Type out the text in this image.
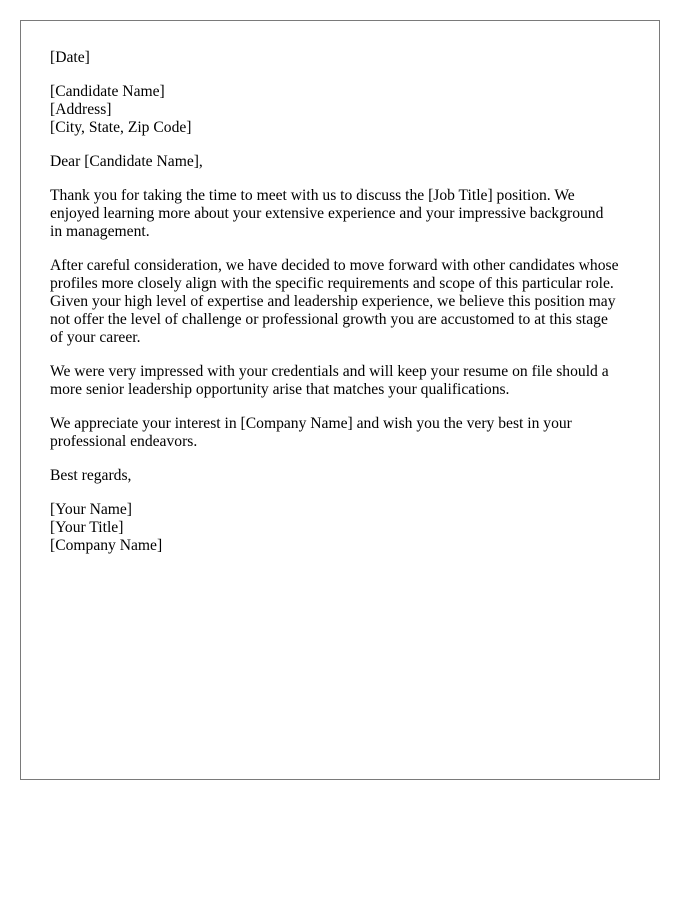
[Date]
[Candidate Name]
[Address]
[City, State, Zip Code]
Dear [Candidate Name],
Thank you for taking the time to meet with us to discuss the [Job Title] position. We
enjoyed learning more about your extensive experience and your impressive background
in management.
After careful consideration, we have decided to move forward with other candidates whose
profiles more closely align with the specific requirements and scope of this particular role.
Given your high level of expertise and leadership experience, we believe this position may
not offer the level of challenge or professional growth you are accustomed to at this stage
of your career.
We were very impressed with your credentials and will keep your resume on file should a
more senior leadership opportunity arise that matches your qualifications.
We appreciate your interest in [Company Name] and wish you the very best in your
professional endeavors.
Best regards,
[Your Name]
[Your Title]
[Company Name]
